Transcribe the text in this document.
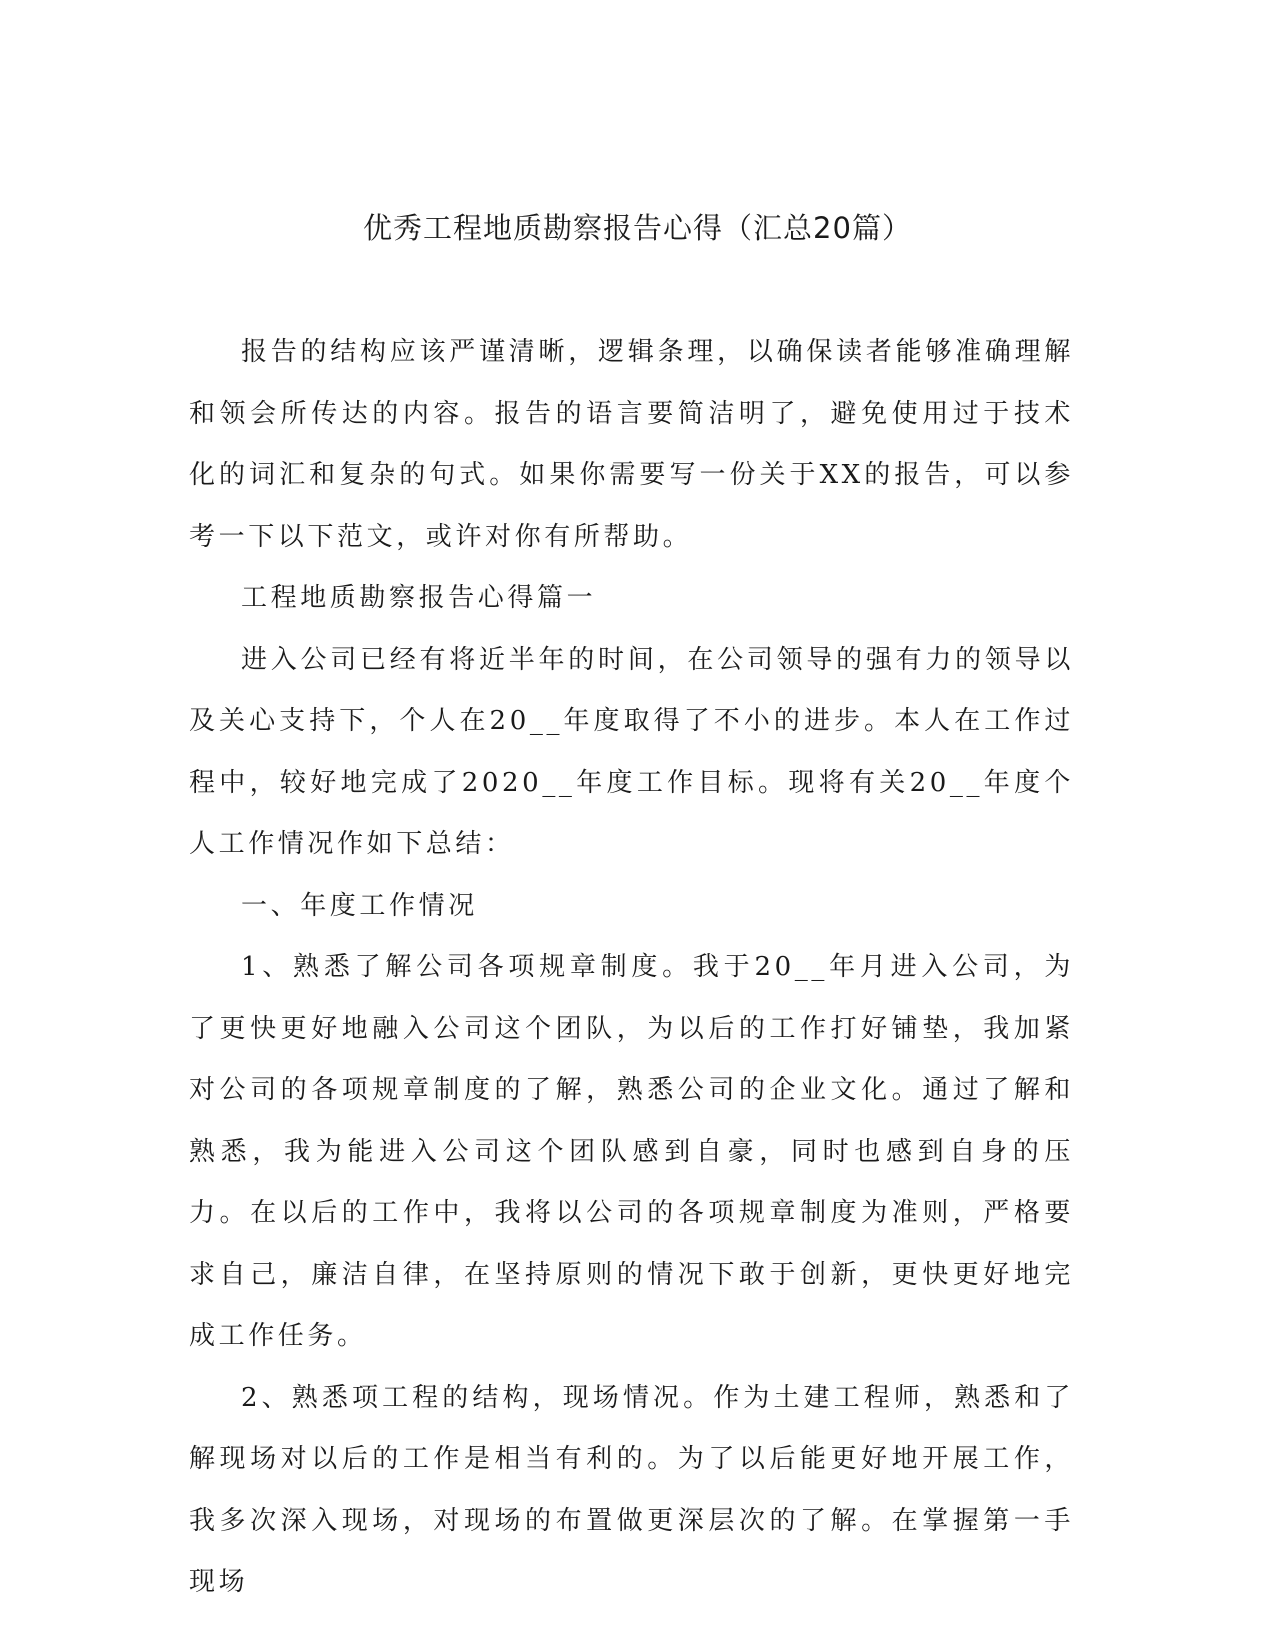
优秀工程地质勘察报告心得（汇总20篇）

报告的结构应该严谨清晰，逻辑条理，以确保读者能够准确理解和领会所传达的内容。报告的语言要简洁明了，避免使用过于技术化的词汇和复杂的句式。如果你需要写一份关于XX的报告，可以参考一下以下范文，或许对你有所帮助。

工程地质勘察报告心得篇一

进入公司已经有将近半年的时间，在公司领导的强有力的领导以及关心支持下，个人在20__年度取得了不小的进步。本人在工作过程中，较好地完成了2020__年度工作目标。现将有关20__年度个人工作情况作如下总结：

一、年度工作情况

1、熟悉了解公司各项规章制度。我于20__年月进入公司，为了更快更好地融入公司这个团队，为以后的工作打好铺垫，我加紧对公司的各项规章制度的了解，熟悉公司的企业文化。通过了解和熟悉，我为能进入公司这个团队感到自豪，同时也感到自身的压力。在以后的工作中，我将以公司的各项规章制度为准则，严格要求自己，廉洁自律，在坚持原则的情况下敢于创新，更快更好地完成工作任务。

2、熟悉项工程的结构，现场情况。作为土建工程师，熟悉和了解现场对以后的工作是相当有利的。为了以后能更好地开展工作，我多次深入现场，对现场的布置做更深层次的了解。在掌握第一手现场
